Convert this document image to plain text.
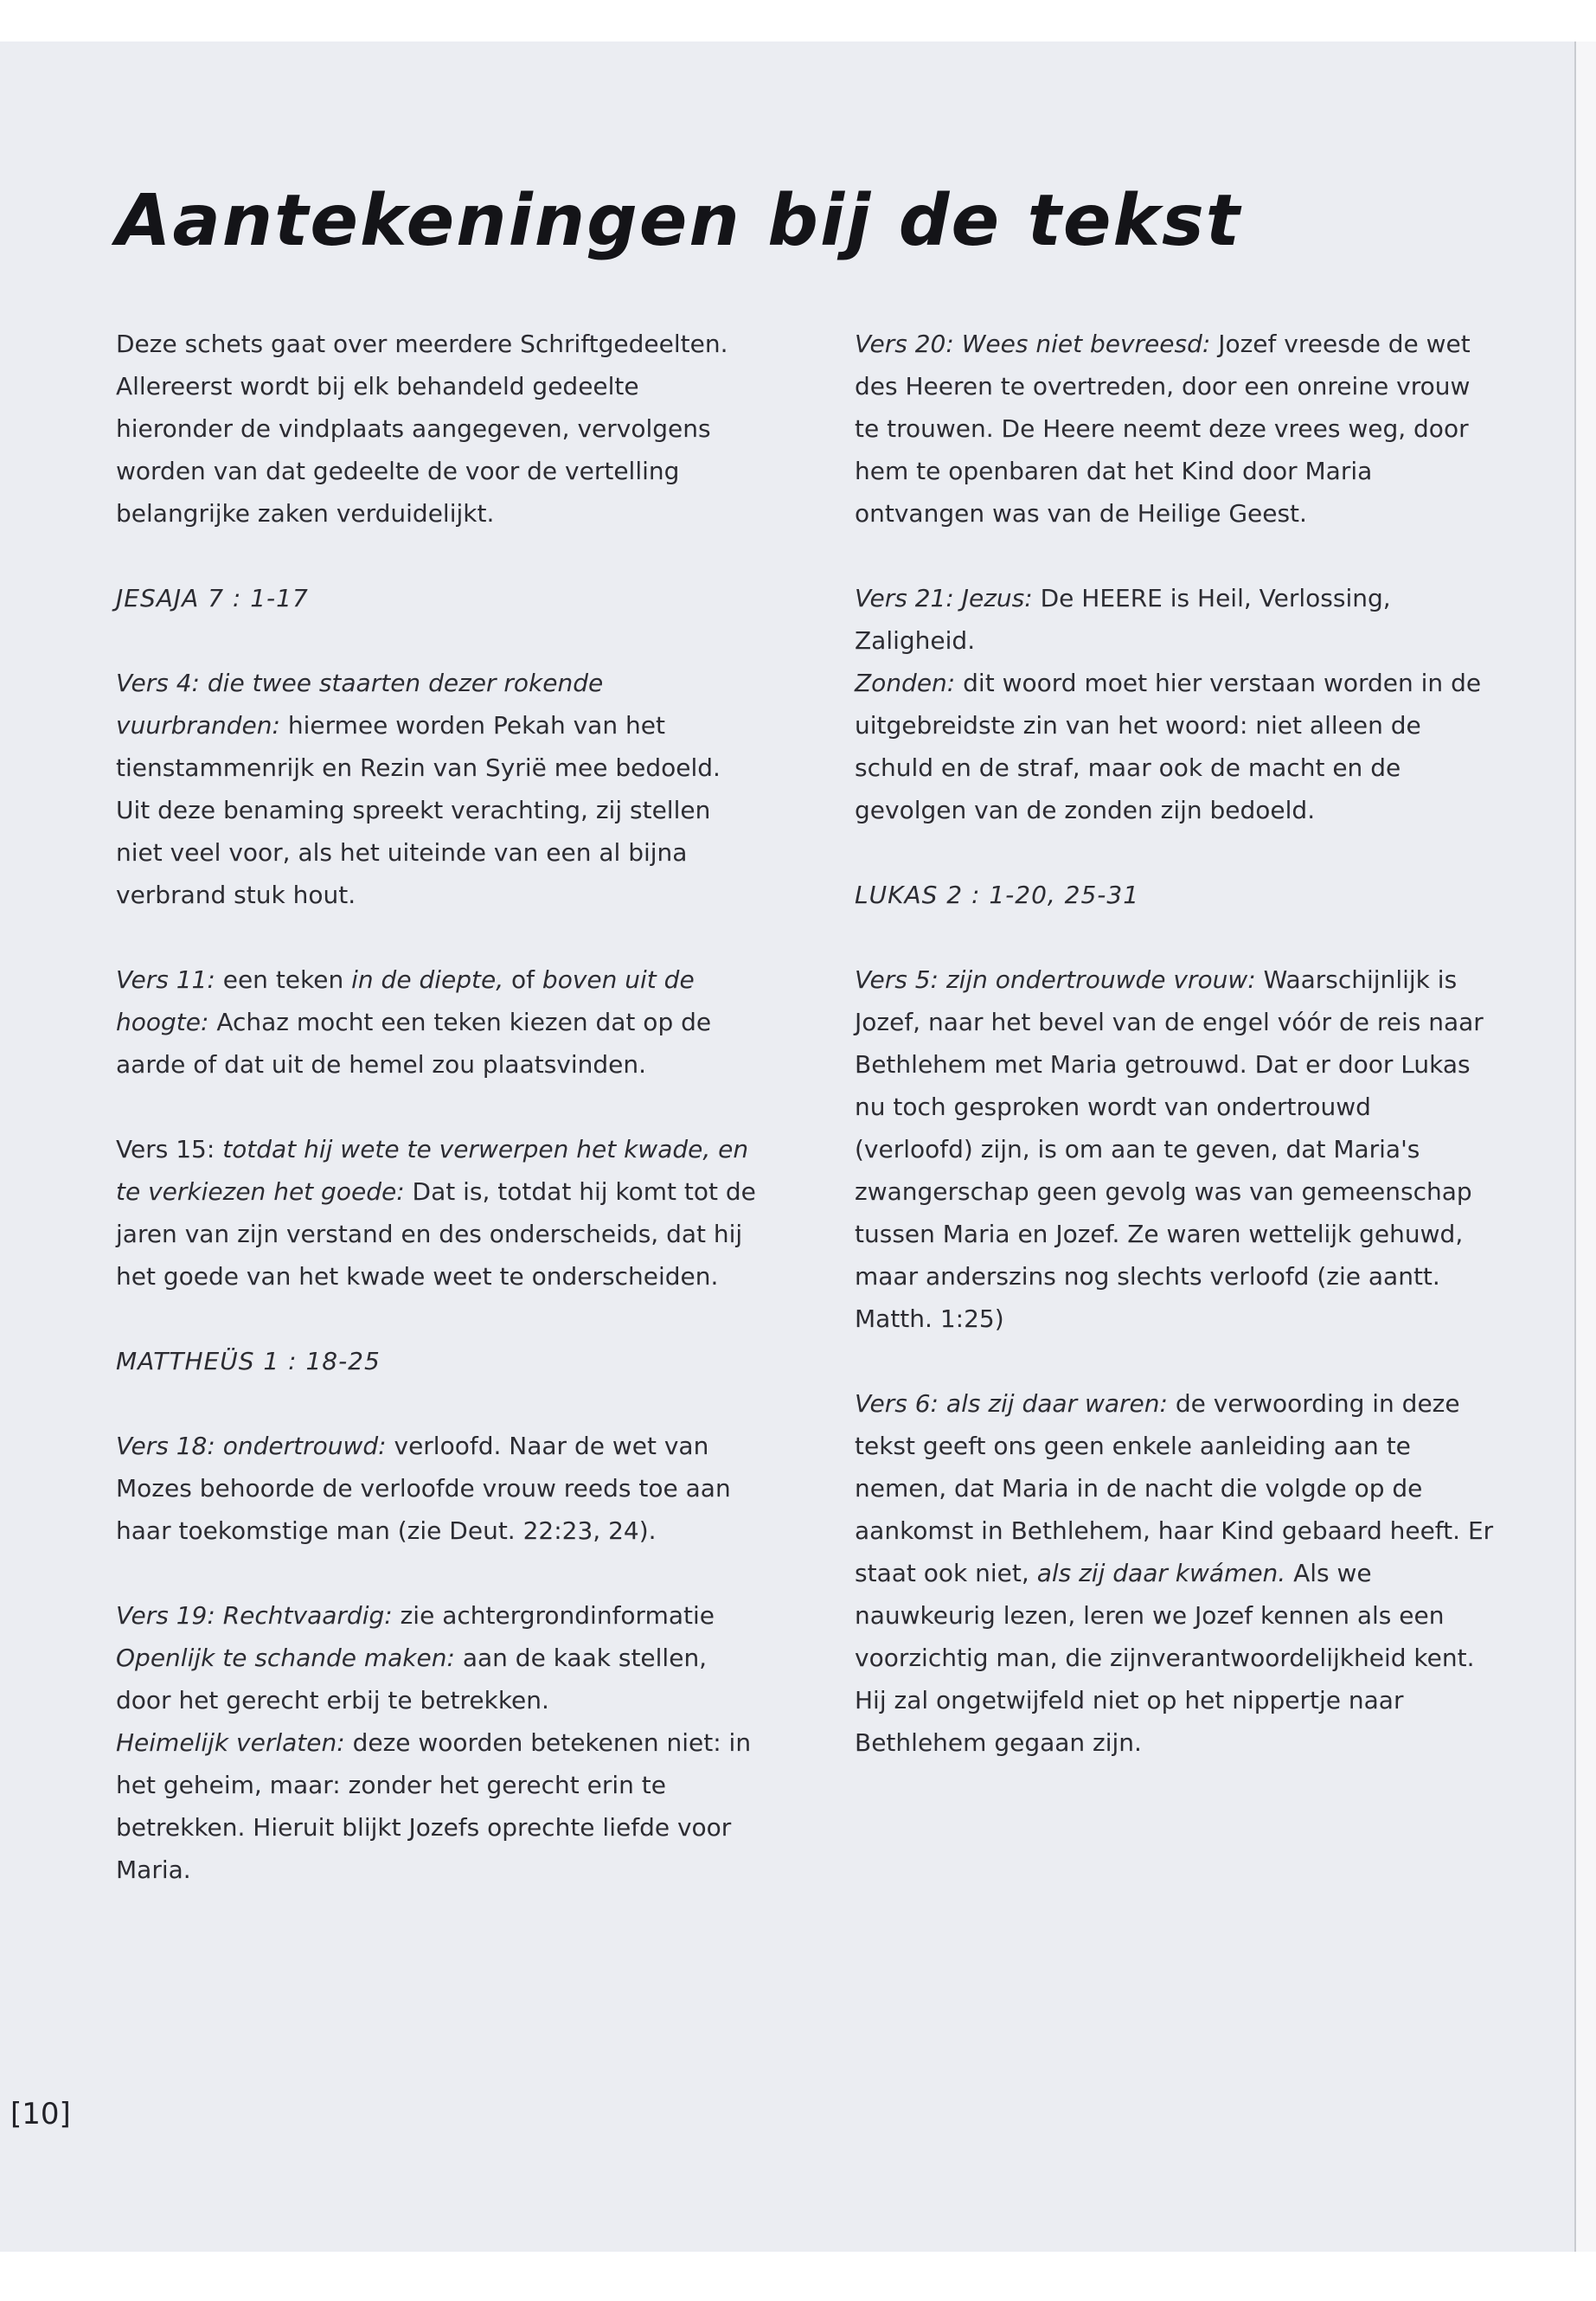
Aantekeningen bij de tekst

Deze schets gaat over meerdere Schriftgedeelten. Allereerst wordt bij elk behandeld gedeelte hieronder de vindplaats aangegeven, vervolgens worden van dat gedeelte de voor de vertelling belangrijke zaken verduidelijkt.

JESAJA 7 : 1-17

Vers 4: die twee staarten dezer rokende vuurbranden: hiermee worden Pekah van het tienstammenrijk en Rezin van Syrië mee bedoeld. Uit deze benaming spreekt verachting, zij stellen niet veel voor, als het uiteinde van een al bijna verbrand stuk hout.

Vers 11: een teken in de diepte, of boven uit de hoogte: Achaz mocht een teken kiezen dat op de aarde of dat uit de hemel zou plaatsvinden.

Vers 15: totdat hij wete te verwerpen het kwade, en te verkiezen het goede: Dat is, totdat hij komt tot de jaren van zijn verstand en des onderscheids, dat hij het goede van het kwade weet te onderscheiden.

MATTHEÜS 1 : 18-25

Vers 18: ondertrouwd: verloofd. Naar de wet van Mozes behoorde de verloofde vrouw reeds toe aan haar toekomstige man (zie Deut. 22:23, 24).

Vers 19: Rechtvaardig: zie achtergrondinformatie

Openlijk te schande maken: aan de kaak stellen, door het gerecht erbij te betrekken.

Heimelijk verlaten: deze woorden betekenen niet: in het geheim, maar: zonder het gerecht erin te betrekken. Hieruit blijkt Jozefs oprechte liefde voor Maria.

Vers 20: Wees niet bevreesd: Jozef vreesde de wet des Heeren te overtreden, door een onreine vrouw te trouwen. De Heere neemt deze vrees weg, door hem te openbaren dat het Kind door Maria ontvangen was van de Heilige Geest.

Vers 21: Jezus: De HEERE is Heil, Verlossing, Zaligheid.

Zonden: dit woord moet hier verstaan worden in de uitgebreidste zin van het woord: niet alleen de schuld en de straf, maar ook de macht en de gevolgen van de zonden zijn bedoeld.

LUKAS 2 : 1-20, 25-31

Vers 5: zijn ondertrouwde vrouw: Waarschijnlijk is Jozef, naar het bevel van de engel vóór de reis naar Bethlehem met Maria getrouwd. Dat er door Lukas nu toch gesproken wordt van ondertrouwd (verloofd) zijn, is om aan te geven, dat Maria's zwangerschap geen gevolg was van gemeenschap tussen Maria en Jozef. Ze waren wettelijk gehuwd, maar anderszins nog slechts verloofd (zie aantt. Matth. 1:25)

Vers 6: als zij daar waren: de verwoording in deze tekst geeft ons geen enkele aanleiding aan te nemen, dat Maria in de nacht die volgde op de aankomst in Bethlehem, haar Kind gebaard heeft. Er staat ook niet, als zij daar kwámen. Als we nauwkeurig lezen, leren we Jozef kennen als een voorzichtig man, die zijnverantwoordelijkheid kent. Hij zal ongetwijfeld niet op het nippertje naar Bethlehem gegaan zijn.

[10]
